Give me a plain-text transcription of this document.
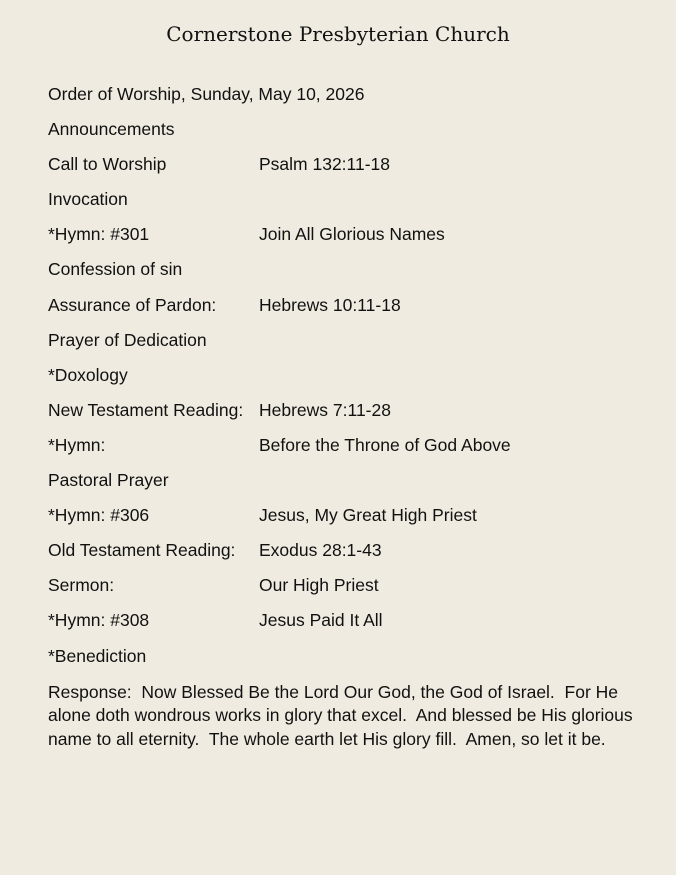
Cornerstone Presbyterian Church
Order of Worship, Sunday, May 10, 2026
Announcements
Call to Worship	Psalm 132:11-18
Invocation
*Hymn: #301	Join All Glorious Names
Confession of sin
Assurance of Pardon:	Hebrews 10:11-18
Prayer of Dedication
*Doxology
New Testament Reading: Hebrews 7:11-28
*Hymn:	Before the Throne of God Above
Pastoral Prayer
*Hymn: #306	Jesus, My Great High Priest
Old Testament Reading:	Exodus 28:1-43
Sermon:	Our High Priest
*Hymn: #308	Jesus Paid It All
*Benediction

Response:  Now Blessed Be the Lord Our God, the God of Israel.  For He alone doth wondrous works in glory that excel.  And blessed be His glorious name to all eternity.  The whole earth let His glory fill.  Amen, so let it be.
